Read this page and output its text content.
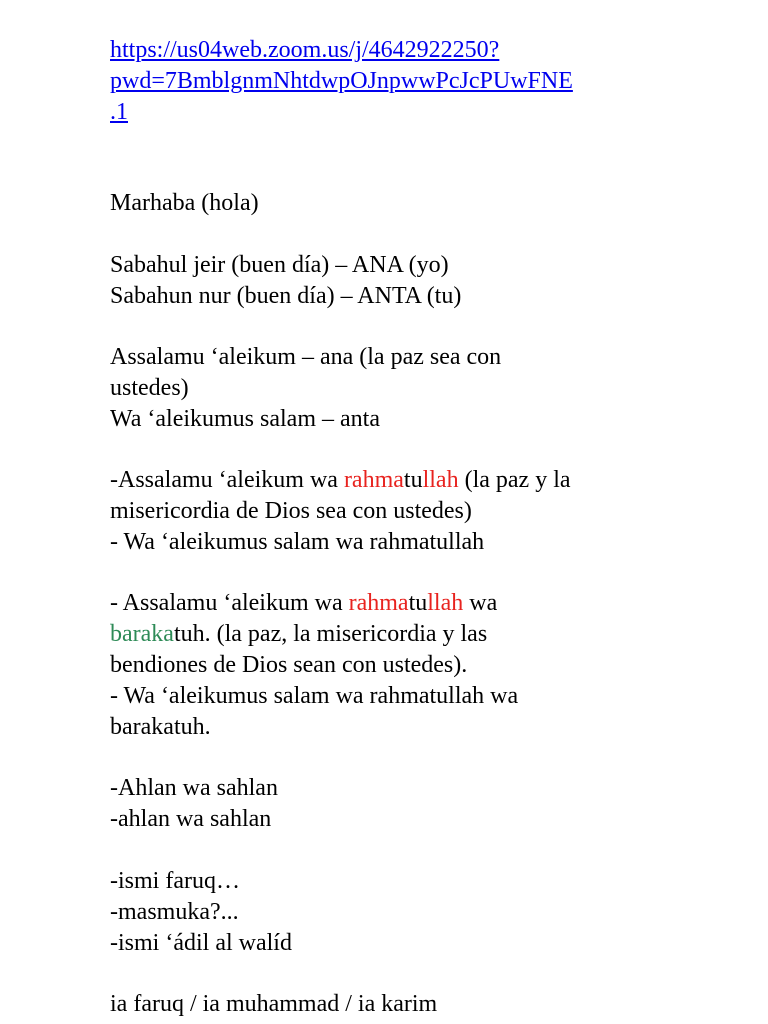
https://us04web.zoom.us/j/4642922250?
pwd=7BmblgnmNhtdwpOJnpwwPcJcPUwFNE
.1
Marhaba (hola)
Sabahul jeir (buen día) – ANA (yo)
Sabahun nur (buen día) – ANTA (tu)
Assalamu ‘aleikum – ana (la paz sea con
ustedes)
Wa ‘aleikumus salam – anta
-Assalamu ‘aleikum wa rahmatullah (la paz y la
misericordia de Dios sea con ustedes)
- Wa ‘aleikumus salam wa rahmatullah
- Assalamu ‘aleikum wa rahmatullah wa
barakatuh. (la paz, la misericordia y las
bendiones de Dios sean con ustedes).
- Wa ‘aleikumus salam wa rahmatullah wa
barakatuh.
-Ahlan wa sahlan
-ahlan wa sahlan
-ismi faruq…
-masmuka?...
-ismi ‘ádil al walíd
ia faruq / ia muhammad / ia karim
